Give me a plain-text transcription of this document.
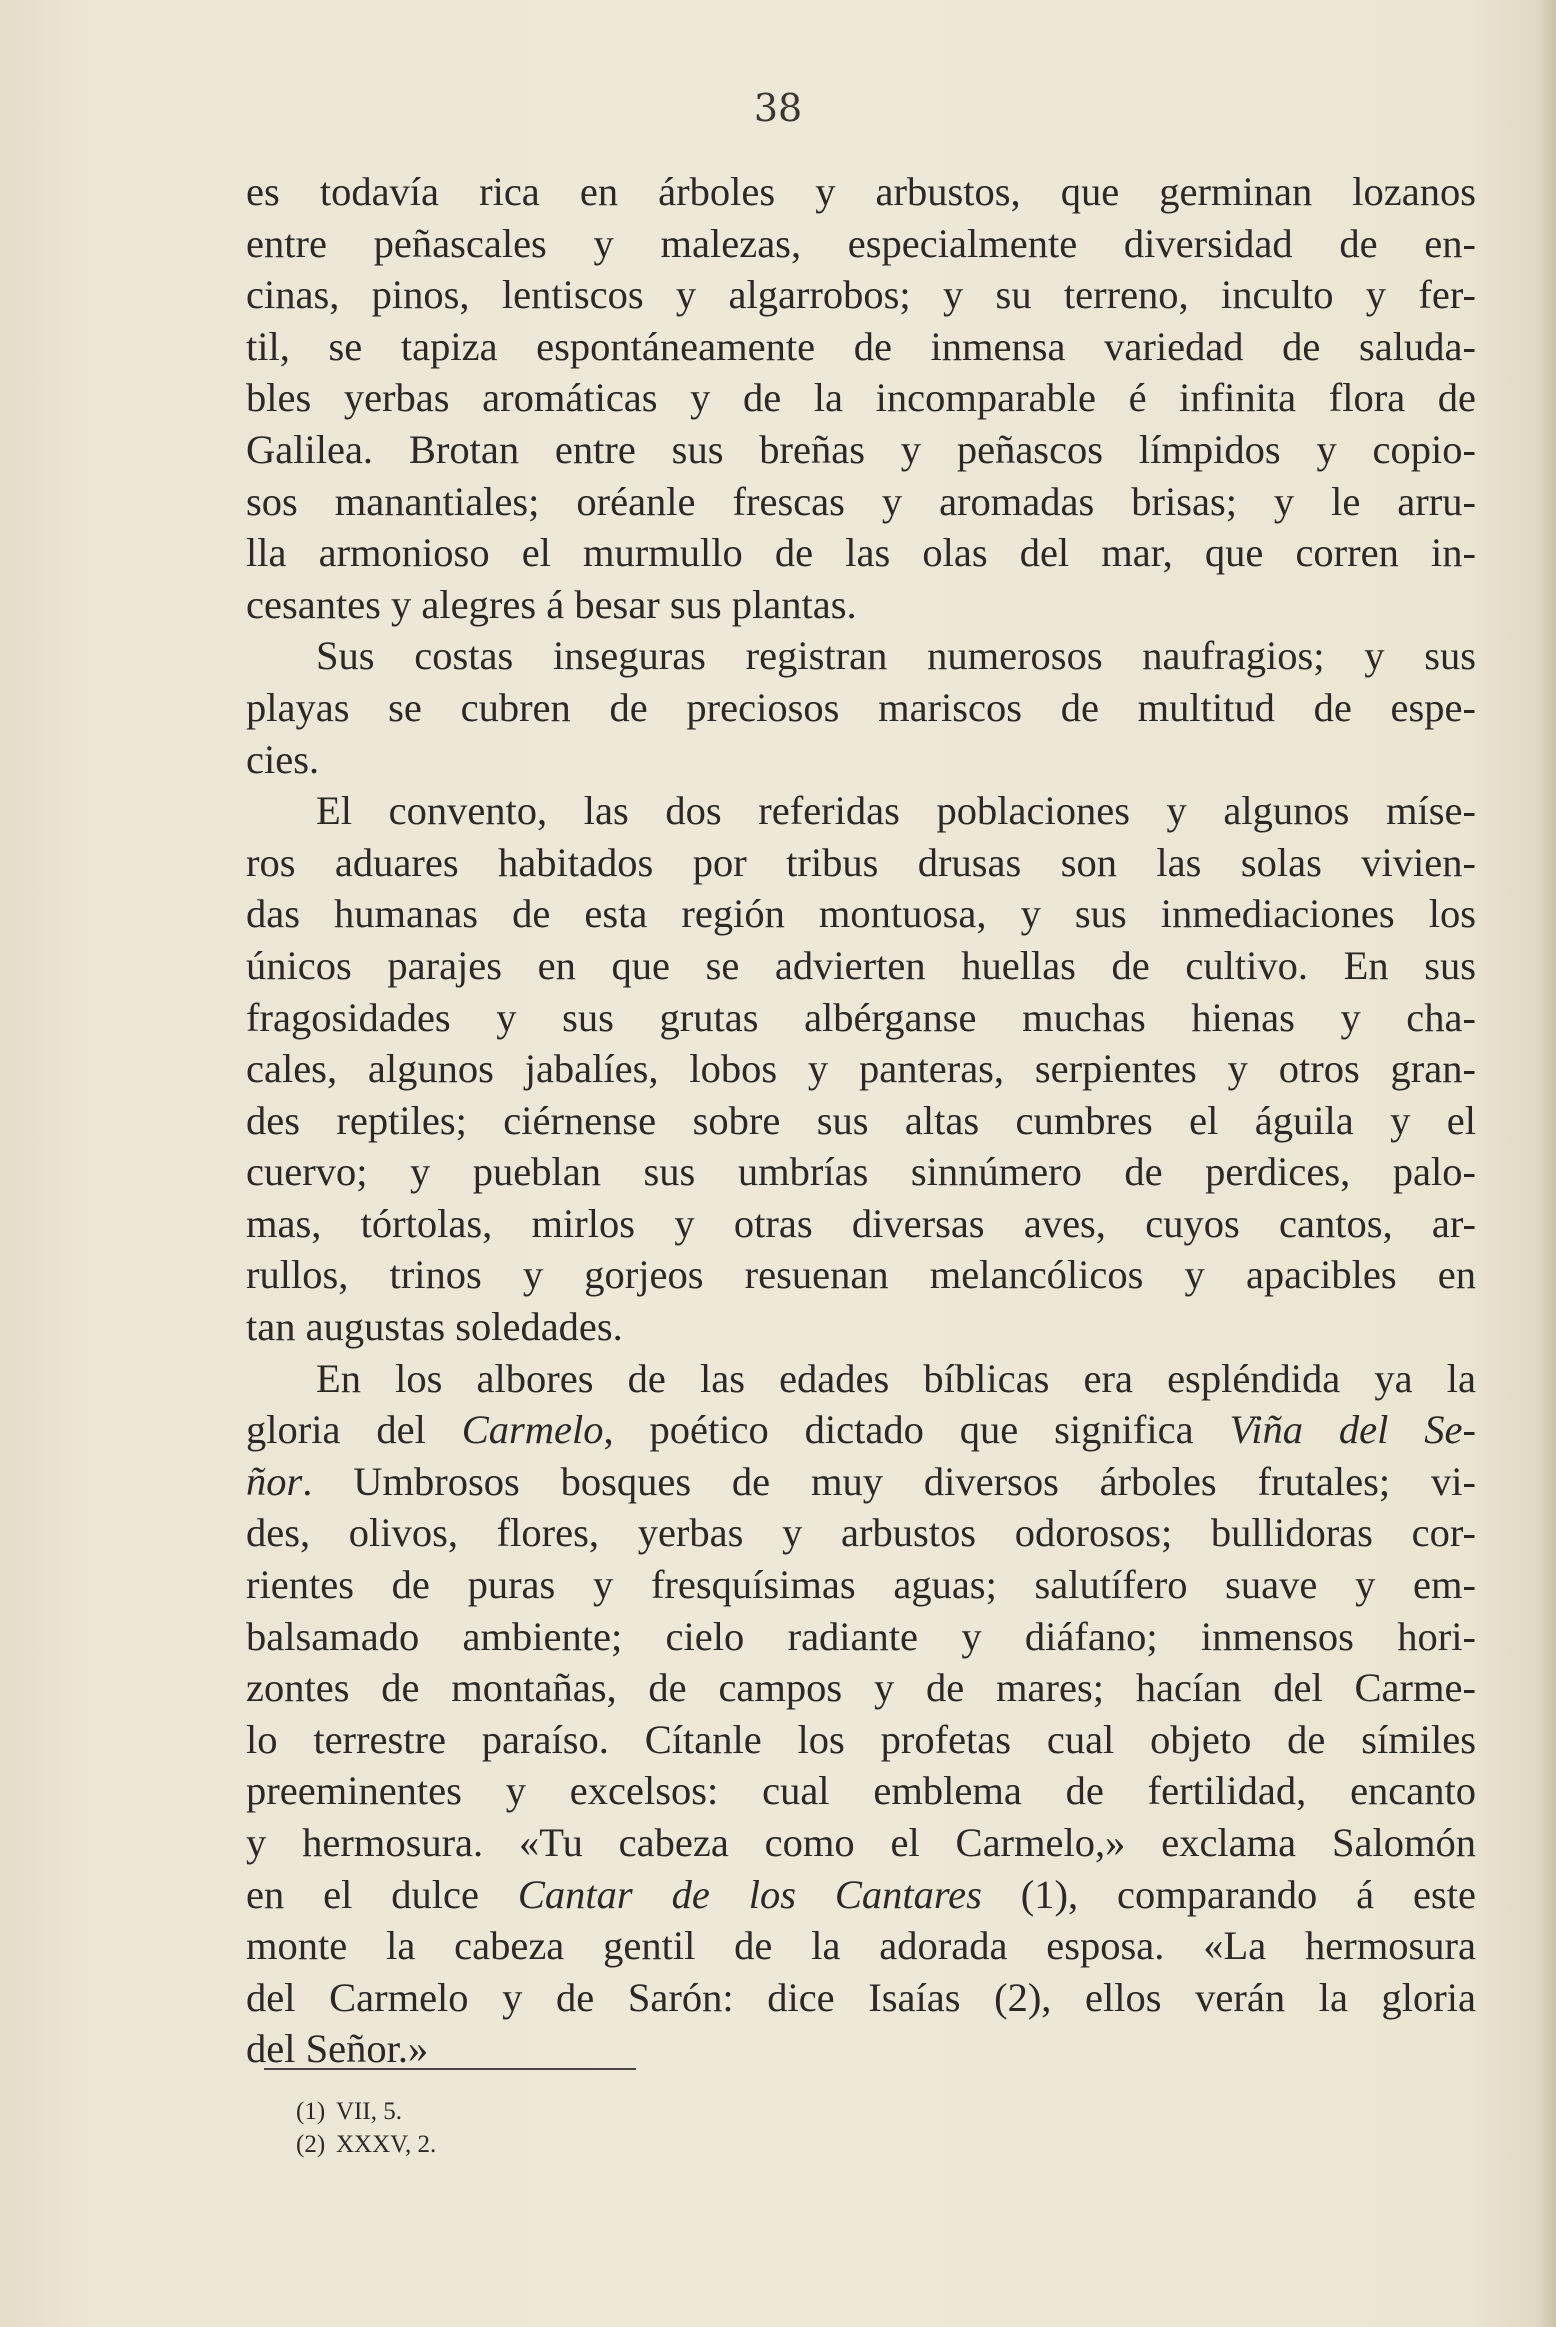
38
es todavía rica en árboles y arbustos, que germinan lozanos
entre peñascales y malezas, especialmente diversidad de en-
cinas, pinos, lentiscos y algarrobos; y su terreno, inculto y fer-
til, se tapiza espontáneamente de inmensa variedad de saluda-
bles yerbas aromáticas y de la incomparable é infinita flora de
Galilea. Brotan entre sus breñas y peñascos límpidos y copio-
sos manantiales; oréanle frescas y aromadas brisas; y le arru-
lla armonioso el murmullo de las olas del mar, que corren in-
cesantes y alegres á besar sus plantas.
Sus costas inseguras registran numerosos naufragios; y sus
playas se cubren de preciosos mariscos de multitud de espe-
cies.
El convento, las dos referidas poblaciones y algunos míse-
ros aduares habitados por tribus drusas son las solas vivien-
das humanas de esta región montuosa, y sus inmediaciones los
únicos parajes en que se advierten huellas de cultivo. En sus
fragosidades y sus grutas albérganse muchas hienas y cha-
cales, algunos jabalíes, lobos y panteras, serpientes y otros gran-
des reptiles; ciérnense sobre sus altas cumbres el águila y el
cuervo; y pueblan sus umbrías sinnúmero de perdices, palo-
mas, tórtolas, mirlos y otras diversas aves, cuyos cantos, ar-
rullos, trinos y gorjeos resuenan melancólicos y apacibles en
tan augustas soledades.
En los albores de las edades bíblicas era espléndida ya la
gloria del Carmelo, poético dictado que significa Viña del Se-
ñor. Umbrosos bosques de muy diversos árboles frutales; vi-
des, olivos, flores, yerbas y arbustos odorosos; bullidoras cor-
rientes de puras y fresquísimas aguas; salutífero suave y em-
balsamado ambiente; cielo radiante y diáfano; inmensos hori-
zontes de montañas, de campos y de mares; hacían del Carme-
lo terrestre paraíso. Cítanle los profetas cual objeto de símiles
preeminentes y excelsos: cual emblema de fertilidad, encanto
y hermosura. «Tu cabeza como el Carmelo,» exclama Salomón
en el dulce Cantar de los Cantares (1), comparando á este
monte la cabeza gentil de la adorada esposa. «La hermosura
del Carmelo y de Sarón: dice Isaías (2), ellos verán la gloria
del Señor.»
(1) VII, 5.
(2) XXXV, 2.
